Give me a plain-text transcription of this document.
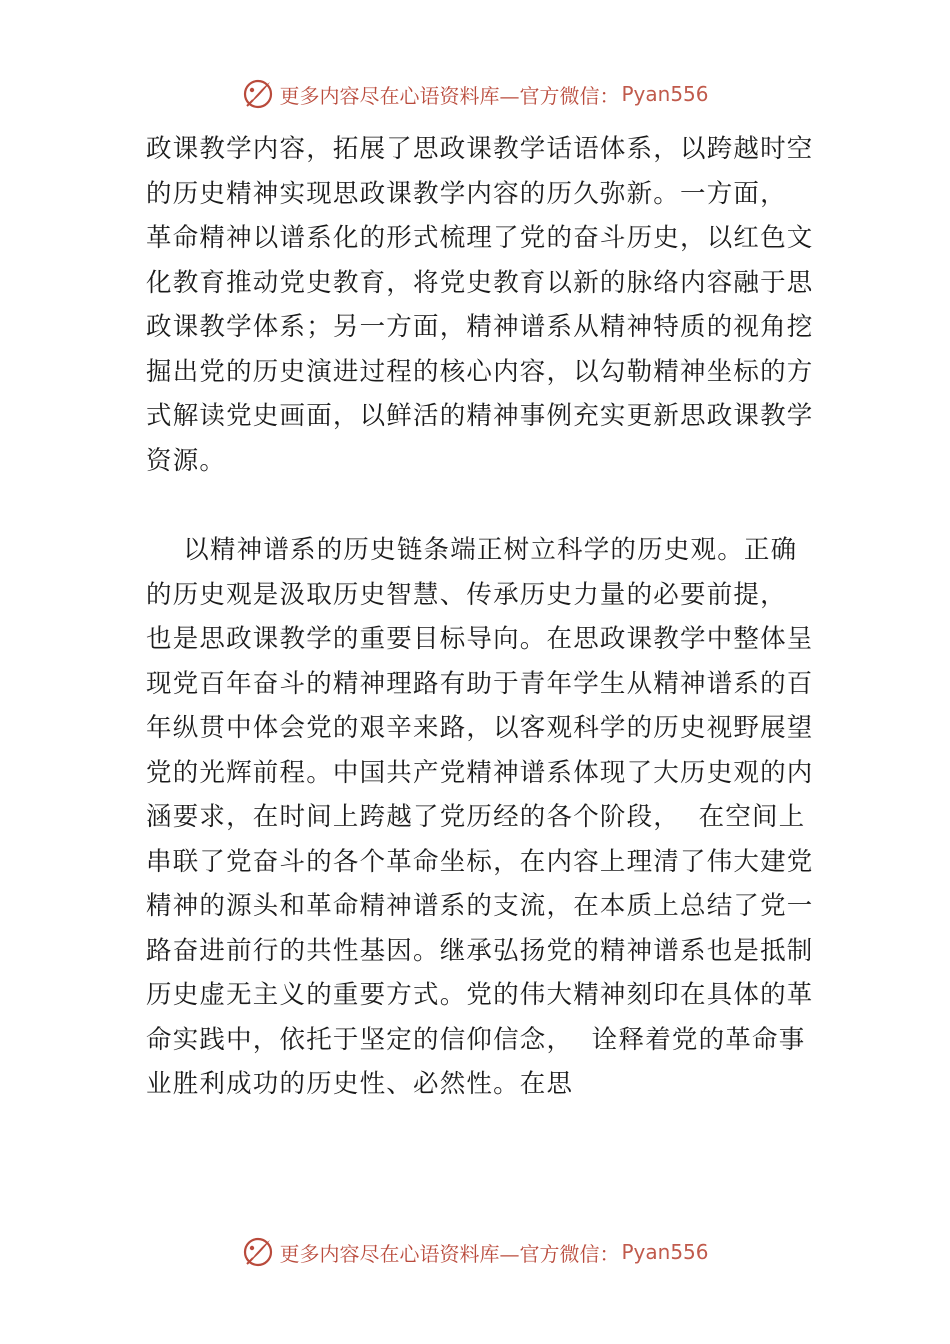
更多内容尽在心语资料库—官方微信： Pyan556
政课教学内容，拓展了思政课教学话语体系，以跨越时空
的历史精神实现思政课教学内容的历久弥新。一方面，
革命精神以谱系化的形式梳理了党的奋斗历史，以红色文
化教育推动党史教育，将党史教育以新的脉络内容融于思
政课教学体系；另一方面，精神谱系从精神特质的视角挖
掘出党的历史演进过程的核心内容，以勾勒精神坐标的方
式解读党史画面，以鲜活的精神事例充实更新思政课教学
资源。
以精神谱系的历史链条端正树立科学的历史观。正确
的历史观是汲取历史智慧、传承历史力量的必要前提，
也是思政课教学的重要目标导向。在思政课教学中整体呈
现党百年奋斗的精神理路有助于青年学生从精神谱系的百
年纵贯中体会党的艰辛来路，以客观科学的历史视野展望
党的光辉前程。中国共产党精神谱系体现了大历史观的内
涵要求，在时间上跨越了党历经的各个阶段，  在空间上
串联了党奋斗的各个革命坐标，在内容上理清了伟大建党
精神的源头和革命精神谱系的支流，在本质上总结了党一
路奋进前行的共性基因。继承弘扬党的精神谱系也是抵制
历史虚无主义的重要方式。党的伟大精神刻印在具体的革
命实践中，依托于坚定的信仰信念，  诠释着党的革命事
业胜利成功的历史性、必然性。在思
更多内容尽在心语资料库—官方微信： Pyan556
